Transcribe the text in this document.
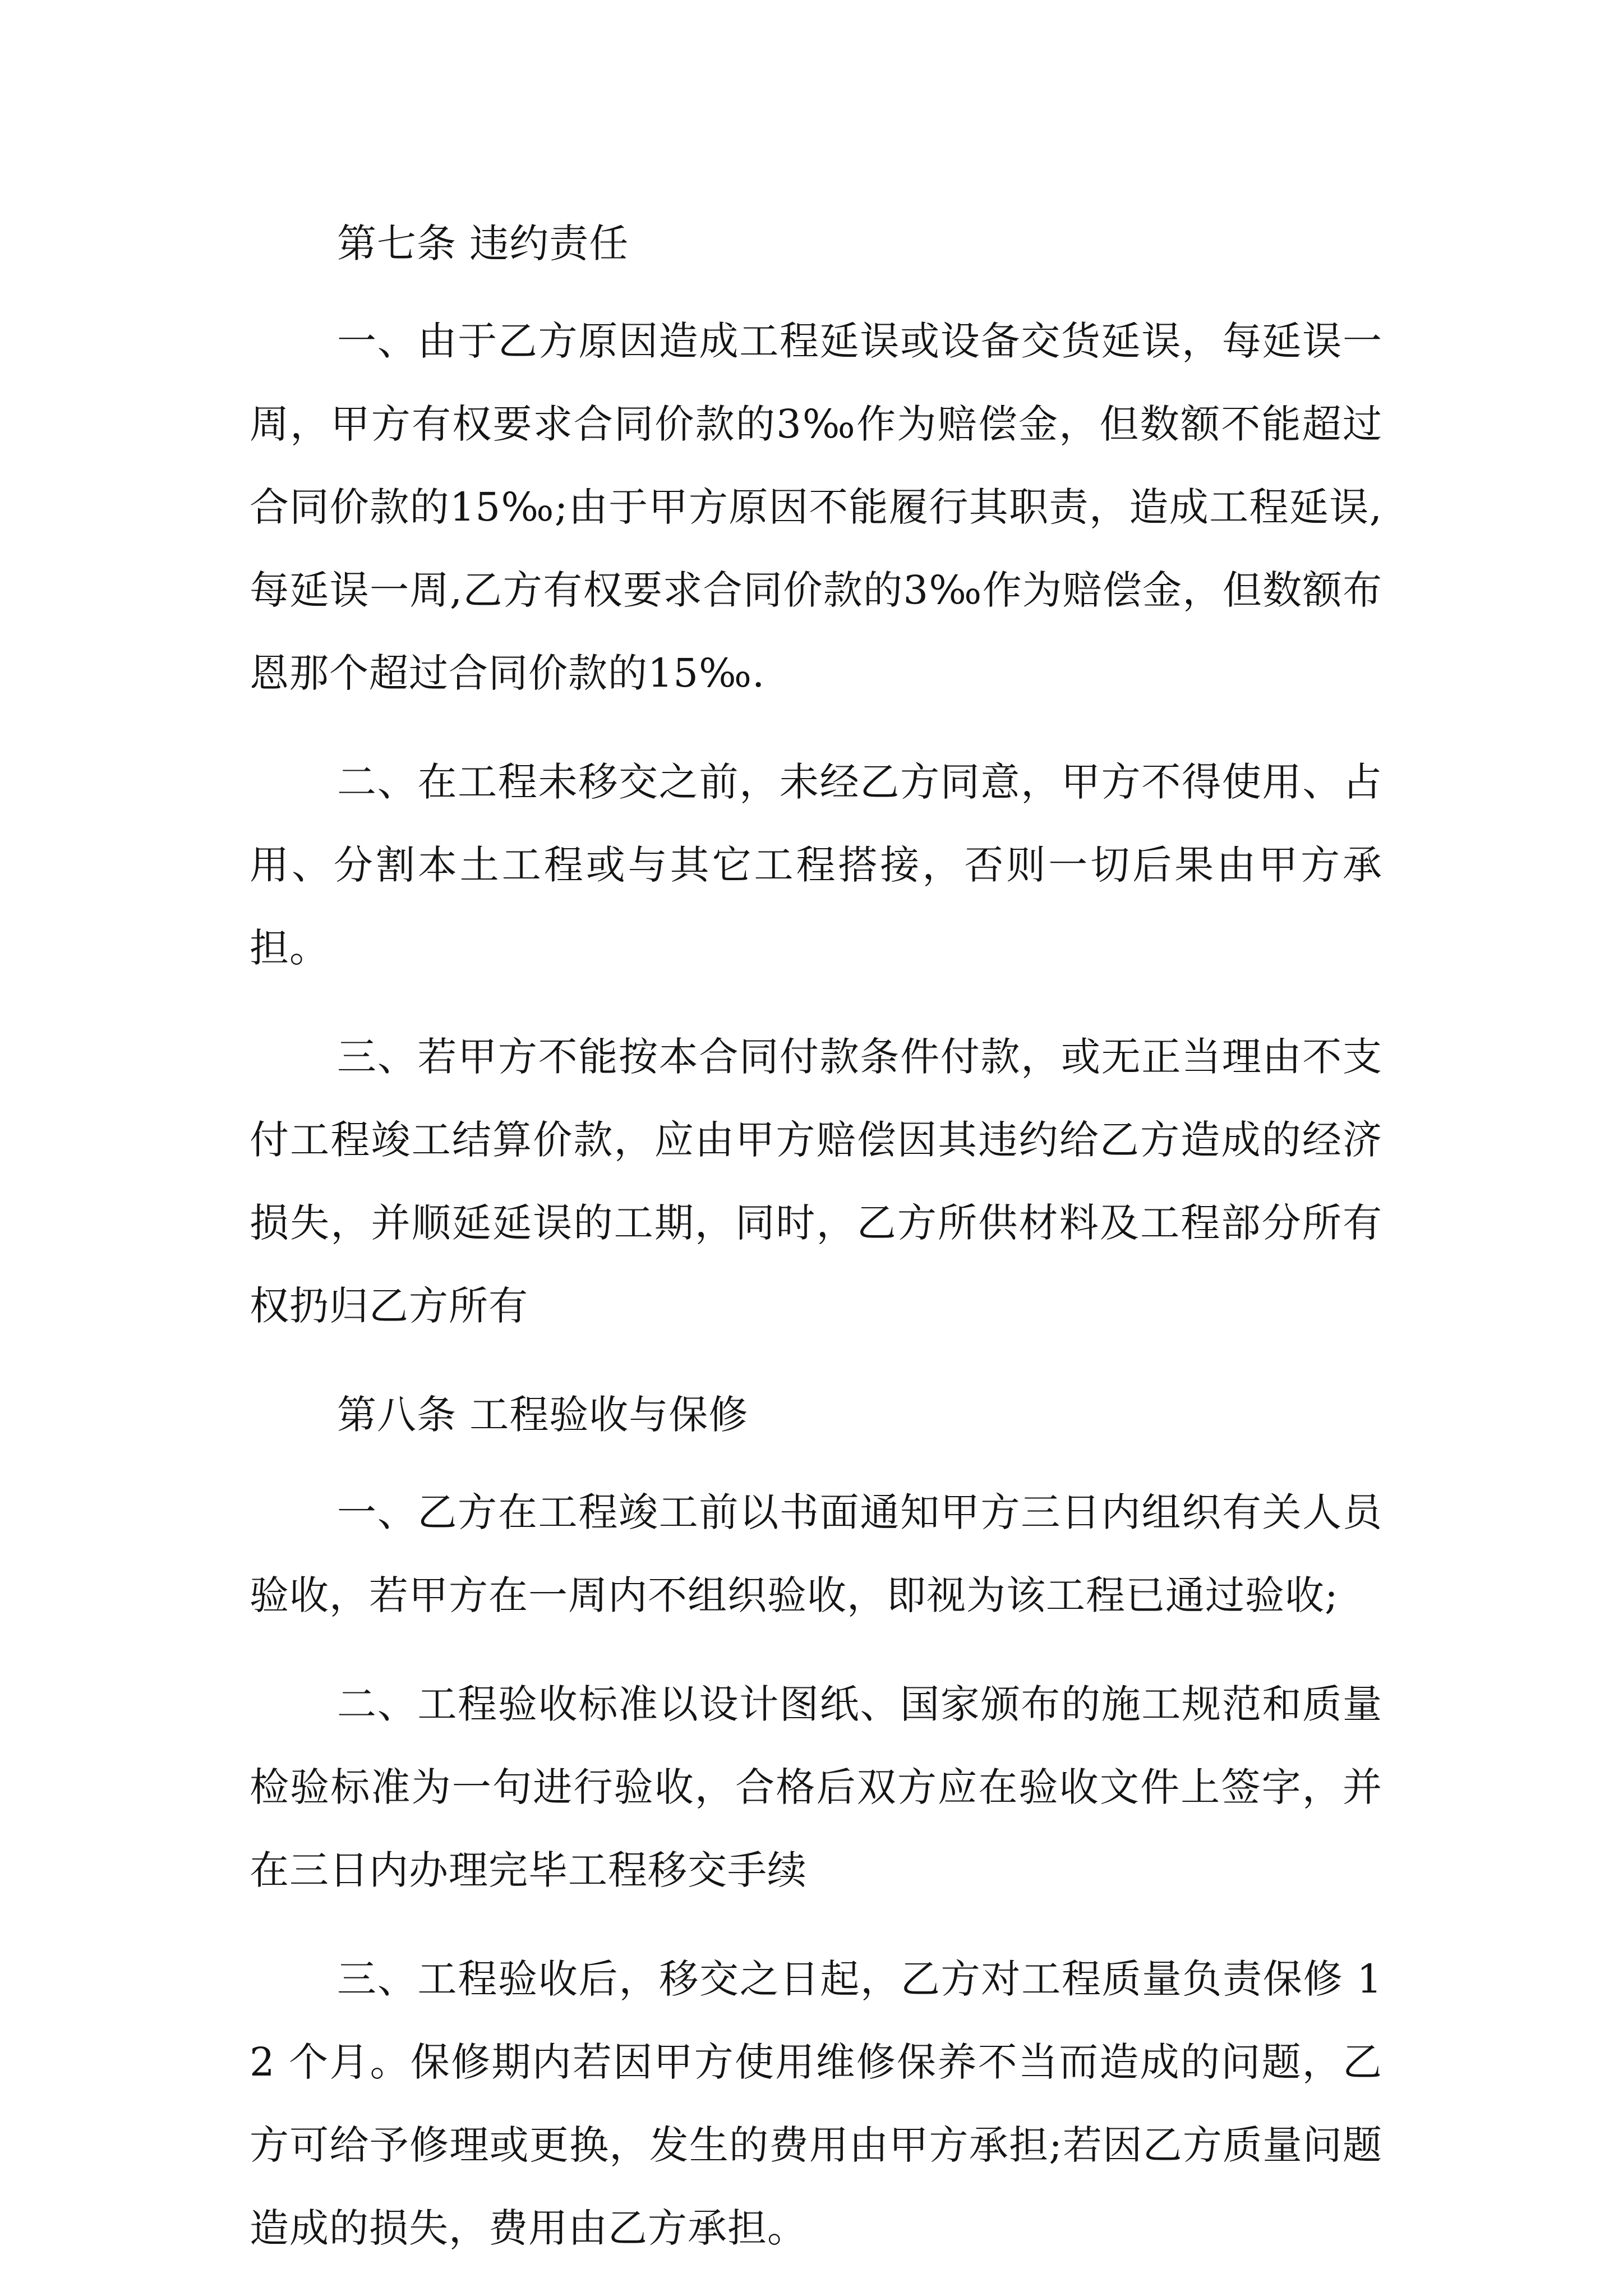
第七条 违约责任

一、由于乙方原因造成工程延误或设备交货延误，每延误一周，甲方有权要求合同价款的3‰作为赔偿金，但数额不能超过合同价款的15‰;由于甲方原因不能履行其职责，造成工程延误,每延误一周,乙方有权要求合同价款的3‰作为赔偿金，但数额布恩那个超过合同价款的15‰.

二、在工程未移交之前，未经乙方同意，甲方不得使用、占用、分割本土工程或与其它工程搭接，否则一切后果由甲方承担。

三、若甲方不能按本合同付款条件付款，或无正当理由不支付工程竣工结算价款，应由甲方赔偿因其违约给乙方造成的经济损失，并顺延延误的工期，同时，乙方所供材料及工程部分所有权扔归乙方所有

第八条 工程验收与保修

一、乙方在工程竣工前以书面通知甲方三日内组织有关人员验收，若甲方在一周内不组织验收，即视为该工程已通过验收;

二、工程验收标准以设计图纸、国家颁布的施工规范和质量检验标准为一句进行验收，合格后双方应在验收文件上签字，并在三日内办理完毕工程移交手续

三、工程验收后，移交之日起，乙方对工程质量负责保修 12 个月。保修期内若因甲方使用维修保养不当而造成的问题，乙方可给予修理或更换，发生的费用由甲方承担;若因乙方质量问题造成的损失，费用由乙方承担。
